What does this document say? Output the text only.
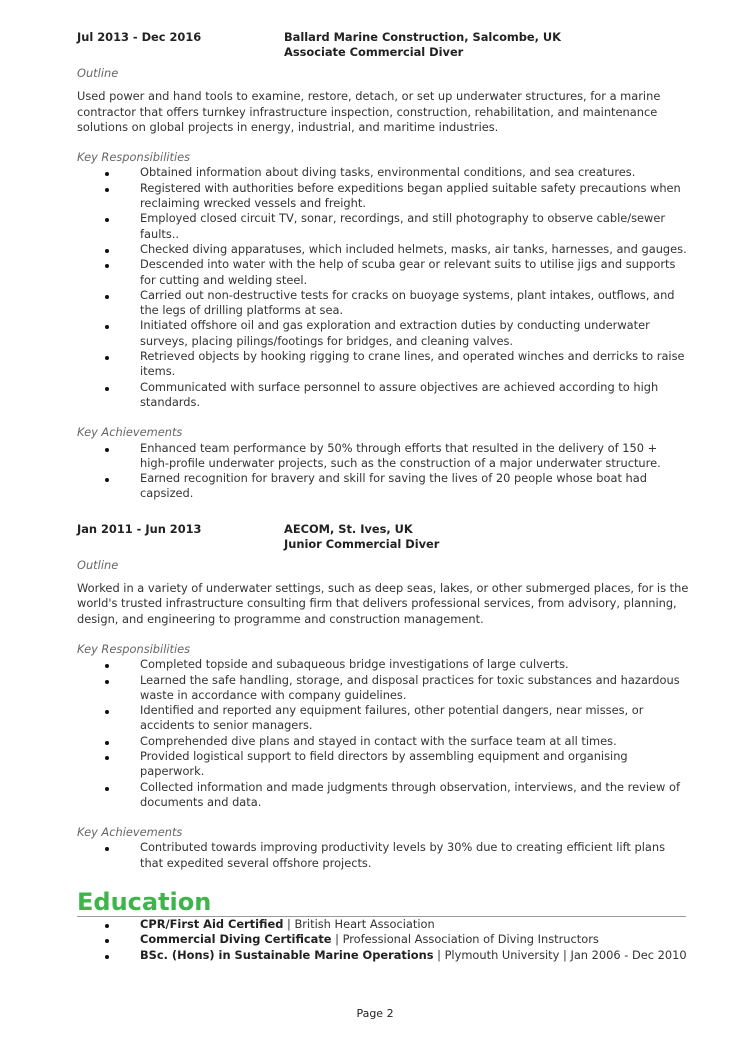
Jul 2013 - Dec 2016	Ballard Marine Construction, Salcombe, UK
Associate Commercial Diver
Outline

Used power and hand tools to examine, restore, detach, or set up underwater structures, for a marine contractor that offers turnkey infrastructure inspection, construction, rehabilitation, and maintenance solutions on global projects in energy, industrial, and maritime industries.

Key Responsibilities
Obtained information about diving tasks, environmental conditions, and sea creatures.
Registered with authorities before expeditions began applied suitable safety precautions when reclaiming wrecked vessels and freight.
Employed closed circuit TV, sonar, recordings, and still photography to observe cable/sewer faults..
Checked diving apparatuses, which included helmets, masks, air tanks, harnesses, and gauges.
Descended into water with the help of scuba gear or relevant suits to utilise jigs and supports for cutting and welding steel.
Carried out non-destructive tests for cracks on buoyage systems, plant intakes, outflows, and the legs of drilling platforms at sea.
Initiated offshore oil and gas exploration and extraction duties by conducting underwater surveys, placing pilings/footings for bridges, and cleaning valves.
Retrieved objects by hooking rigging to crane lines, and operated winches and derricks to raise items.
Communicated with surface personnel to assure objectives are achieved according to high standards.
Key Achievements
Enhanced team performance by 50% through efforts that resulted in the delivery of 150 + high-profile underwater projects, such as the construction of a major underwater structure.
Earned recognition for bravery and skill for saving the lives of 20 people whose boat had capsized.
Jan 2011 - Jun 2013	AECOM, St. Ives, UK
Junior Commercial Diver
Outline

Worked in a variety of underwater settings, such as deep seas, lakes, or other submerged places, for is the world's trusted infrastructure consulting firm that delivers professional services, from advisory, planning, design, and engineering to programme and construction management.

Key Responsibilities
Completed topside and subaqueous bridge investigations of large culverts.
Learned the safe handling, storage, and disposal practices for toxic substances and hazardous waste in accordance with company guidelines.
Identified and reported any equipment failures, other potential dangers, near misses, or accidents to senior managers.
Comprehended dive plans and stayed in contact with the surface team at all times.
Provided logistical support to field directors by assembling equipment and organising paperwork.
Collected information and made judgments through observation, interviews, and the review of documents and data.
Key Achievements
Contributed towards improving productivity levels by 30% due to creating efficient lift plans that expedited several offshore projects.
Education
CPR/First Aid Certified | British Heart Association
Commercial Diving Certificate | Professional Association of Diving Instructors
BSc. (Hons) in Sustainable Marine Operations | Plymouth University | Jan 2006 - Dec 2010
Page 2
